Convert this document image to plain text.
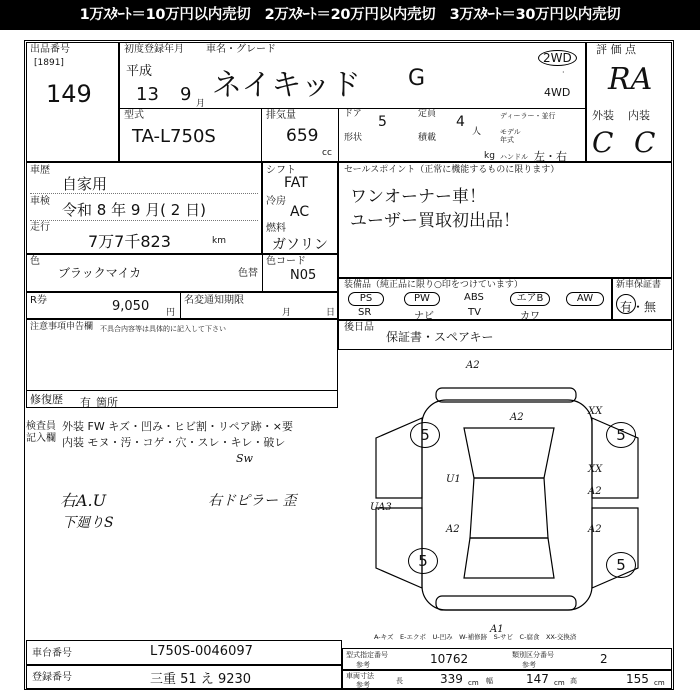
1万ｽﾀｰﾄ＝10万円以内売切　2万ｽﾀｰﾄ＝20万円以内売切　3万ｽﾀｰﾄ＝30万円以内売切
出品番号
[1891]
149
初度登録年月 車名・グレード
平成
13 9 月
ネイキッド G
2WD
4WD
·
型式
TA-L750S
排気量
659
cc
ドア 5
形状
定員 4
人
積載
kg
ディーラー・並行
モデル
年式
ハンドル 左・右
評 価 点
RA
外装 内装
C C
車歴
自家用
車検 令和 8 年 9 月( 2 日)
走行
7万7千823	km
シフト
FAT
冷房
AC
燃料
ガソリン
セールスポイント（正常に機能するものに限ります）
ワンオーナー車！
ユーザー買取初出品！
色
ブラックマイカ	色替
色コード
N05
R券	9,050 円
名変通知期限
月	日
装備品（純正品に限り○印をつけています）
PS	PW	ABS	エアB	AW
SR	ナビ	TV	カワ
新車保証書
有・無
後日品
保証書・スペアキー
注意事項申告欄 不具合内容等は具体的に記入して下さい
修復歴 有 箇所
検査員
記入欄
外装 FW キズ・凹み・ヒビ割・リペア跡・×要
内装 モヌ・汚・コゲ・穴・スレ・キレ・破レ
Sw
右A.U
下廻りS
右ドピラー 歪
5	5
5	5
A2
A2
A1
U1
A2
A2
XX
XX
A2
UA3
A-キズ　E-エクボ　U-凹み　W-補修跡　S-サビ　C-腐食　XX-交換済
車台番号	L750S-0046097
登録番号	三重 51 え 9230
型式指定番号
参考	10762	類別区分番号
参考	2
車両寸法
参考	長	339 cm 幅	147 cm 高	155 cm
